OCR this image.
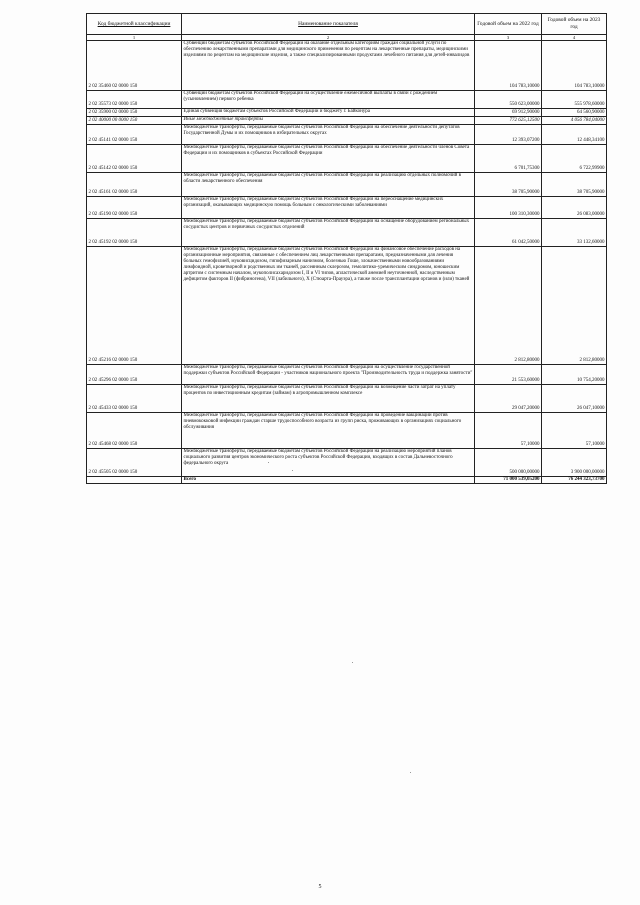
Код бюджетной классификации	Наименование показателя	Годовой объем на 2022 год	Годовой объем на 2023 год
1	2	3	4
2 02 35460 02 0000 150	Субвенции бюджетам субъектов Российской Федерации на оказание отдельным категориям граждан социальной услуги по обеспечению лекарственными препаратами для медицинского применения по рецептам на лекарственные препараты, медицинскими изделиями по рецептам на медицинские изделия, а также специализированными продуктами лечебного питания для детей-инвалидов	104 783,10000	104 783,10000
2 02 35573 02 0000 150	Субвенции бюджетам субъектов Российской Федерации на осуществление ежемесячной выплаты в связи с рождением (усыновлением) первого ребенка	550 623,00000	555 978,60000
2 02 35900 02 0000 150	Единая субвенция бюджетам субъектов Российской Федерации и бюджету г. Байконура	69 912,90000	64 560,90000
2 02 40000 00 0000 150	Иные межбюджетные трансферты	772 625,12500	4 056 784,04000
2 02 45141 02 0000 150	Межбюджетные трансферты, передаваемые бюджетам субъектов Российской Федерации на обеспечение деятельности депутатов Государственной Думы и их помощников в избирательных округах	12 393,07200	12 448,34100
2 02 45142 02 0000 150	Межбюджетные трансферты, передаваемые бюджетам субъектов Российской Федерации на обеспечение деятельности членов Совета Федерации и их помощников в субъектах Российской Федерации	6 701,75300	6 722,99900
2 02 45161 02 0000 150	Межбюджетные трансферты, передаваемые бюджетам субъектов Российской Федерации на реализацию отдельных полномочий в области лекарственного обеспечения	38 705,90000	38 705,90000
2 02 45190 02 0000 150	Межбюджетные трансферты, передаваемые бюджетам субъектов Российской Федерации на переоснащение медицинских организаций, оказывающих медицинскую помощь больным с онкологическими заболеваниями	100 310,30000	26 083,00000
2 02 45192 02 0000 150	Межбюджетные трансферты, передаваемые бюджетам субъектов Российской Федерации на оснащение оборудованием региональных сосудистых центров и первичных сосудистых отделений	61 042,50000	33 132,60000
2 02 45216 02 0000 150	Межбюджетные трансферты, передаваемые бюджетам субъектов Российской Федерации на финансовое обеспечение расходов на организационные мероприятия, связанные с обеспечением лиц лекарственными препаратами, предназначенными для лечения больных гемофилией, муковисцидозом, гипофизарным нанизмом, болезнью Гоше, злокачественными новообразованиями лимфоидной, кроветворной и родственных им тканей, рассеянным склерозом, гемолитико-уремическим синдромом, юношеским артритом с системным началом, мукополисахаридозом I, II и VI типов, апластической анемией неуточненной, наследственным дефицитом факторов II (фибриногена), VII (лабильного), X (Стюарта-Прауэра), а также после трансплантации органов и (или) тканей	2 812,80000	2 812,80000
2 02 45296 02 0000 150	Межбюджетные трансферты, передаваемые бюджетам субъектов Российской Федерации на осуществление государственной поддержки субъектов Российской Федерации - участников национального проекта "Производительность труда и поддержка занятости"	21 553,60000	10 754,20000
2 02 45433 02 0000 150	Межбюджетные трансферты, передаваемые бюджетам субъектов Российской Федерации на возмещение части затрат на уплату процентов по инвестиционным кредитам (займам) в агропромышленном комплексе	29 047,20000	26 047,10000
2 02 45468 02 0000 150	Межбюджетные трансферты, передаваемые бюджетам субъектов Российской Федерации на проведение вакцинации против пневмококковой инфекции граждан старше трудоспособного возраста из групп риска, проживающих в организациях социального обслуживания	57,10000	57,10000
2 02 45505 02 0000 150	Межбюджетные трансферты, передаваемые бюджетам субъектов Российской Федерации на реализацию мероприятий планов социального развития центров экономического роста субъектов Российской Федерации, входящих в состав Дальневосточного федерального округа	500 000,00000	3 900 000,00000
	Всего	71 000 539,05200	76 244 323,73700
5
